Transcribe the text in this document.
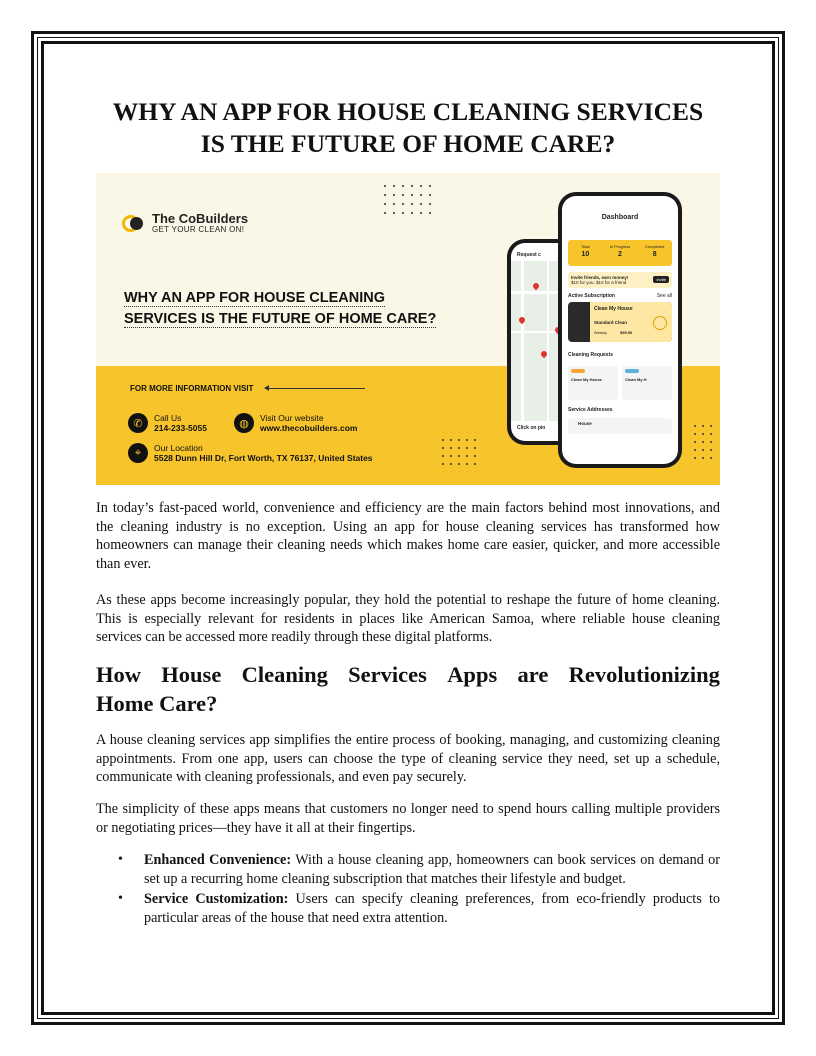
WHY AN APP FOR HOUSE CLEANING SERVICES
IS THE FUTURE OF HOME CARE?
The CoBuilders
GET YOUR CLEAN ON!
WHY AN APP FOR HOUSE CLEANING
SERVICES IS THE FUTURE OF HOME CARE?
FOR MORE INFORMATION VISIT
✆	Call Us
214-233-5055	◍	Visit Our website
www.thecobuilders.com
⌖	Our Location
5528 Dunn Hill Dr, Fort Worth, TX 76137, United States
Request c
Click on pin
Dashboard
Total
10
In Progress
2
Completed
8
Invite friends, earn money!
$10 for you, $10 for a friend
Invite
Active Subscription	See all
Clean My House
Standard Clean
Weekly	$99.00
Cleaning Requests
Clean My House	Clean My H
Service Addresses
House
In today’s fast-paced world, convenience and efficiency are the main factors behind most innovations, and the cleaning industry is no exception. Using an app for house cleaning services has transformed how homeowners can manage their cleaning needs which makes home care easier, quicker, and more accessible than ever.
As these apps become increasingly popular, they hold the potential to reshape the future of home cleaning. This is especially relevant for residents in places like American Samoa, where reliable house cleaning services can be accessed more readily through these digital platforms.
How House Cleaning Services Apps are Revolutionizing
Home Care?
A house cleaning services app simplifies the entire process of booking, managing, and customizing cleaning appointments. From one app, users can choose the type of cleaning service they need, set up a schedule, communicate with cleaning professionals, and even pay securely.
The simplicity of these apps means that customers no longer need to spend hours calling multiple providers or negotiating prices—they have it all at their fingertips.
• Enhanced Convenience: With a house cleaning app, homeowners can book services on demand or set up a recurring home cleaning subscription that matches their lifestyle and budget.
• Service Customization: Users can specify cleaning preferences, from eco-friendly products to particular areas of the house that need extra attention.
